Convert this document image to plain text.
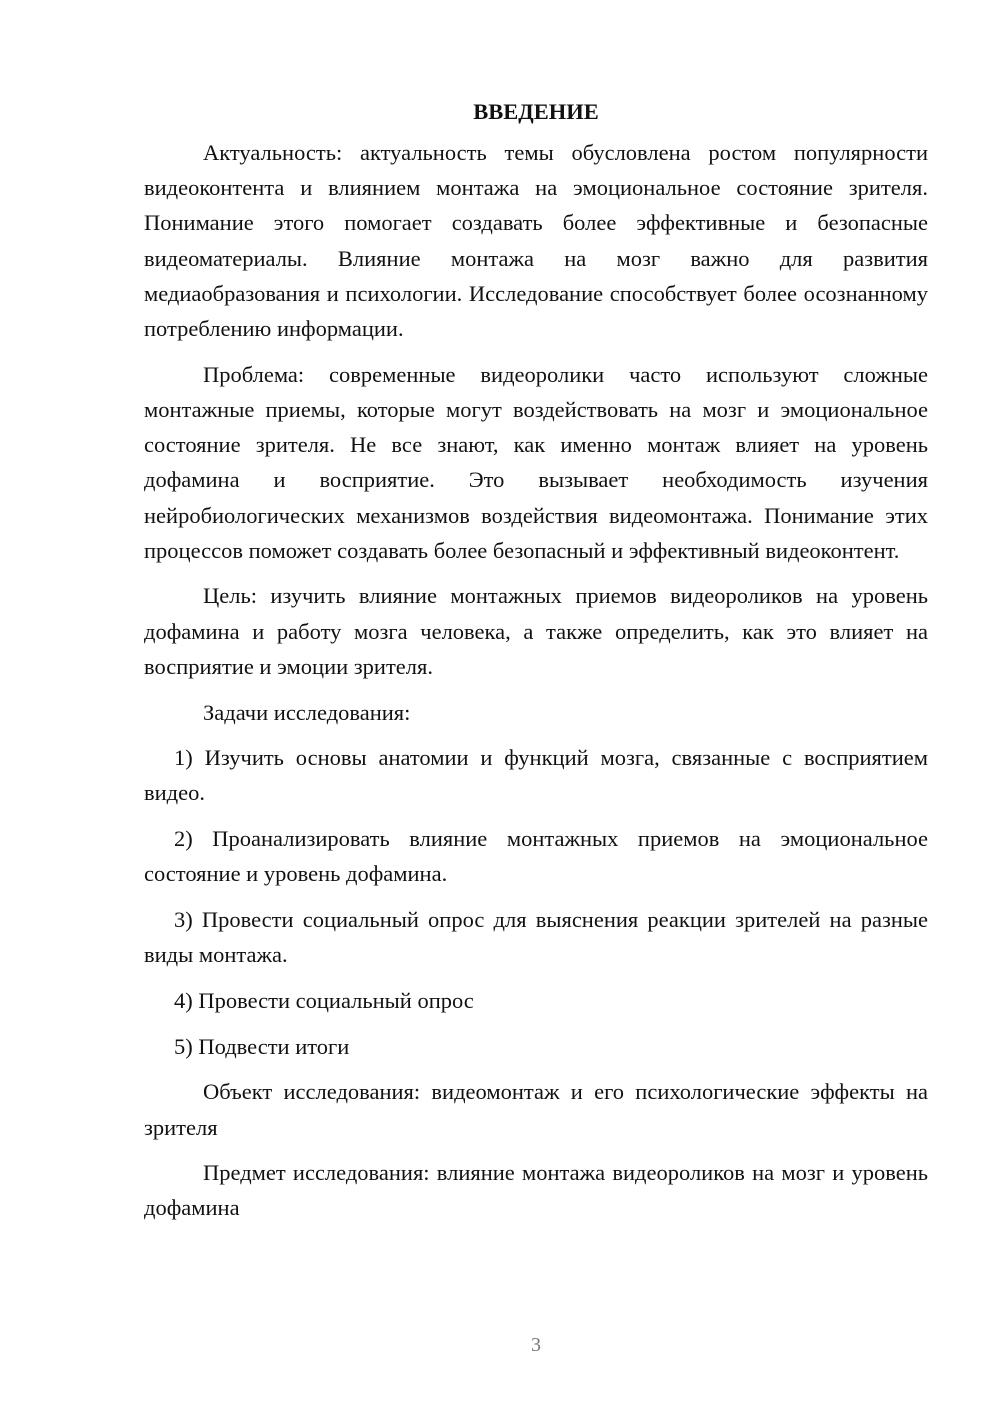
ВВЕДЕНИЕ

Актуальность: актуальность темы обусловлена ростом популярности видеоконтента и влиянием монтажа на эмоциональное состояние зрителя. Понимание этого помогает создавать более эффективные и безопасные видеоматериалы. Влияние монтажа на мозг важно для развития медиаобразования и психологии. Исследование способствует более осознанному потреблению информации.

Проблема: современные видеоролики часто используют сложные монтажные приемы, которые могут воздействовать на мозг и эмоциональное состояние зрителя. Не все знают, как именно монтаж влияет на уровень дофамина и восприятие. Это вызывает необходимость изучения нейробиологических механизмов воздействия видеомонтажа. Понимание этих процессов поможет создавать более безопасный и эффективный видеоконтент.

Цель: изучить влияние монтажных приемов видеороликов на уровень дофамина и работу мозга человека, а также определить, как это влияет на восприятие и эмоции зрителя.

Задачи исследования:

1) Изучить основы анатомии и функций мозга, связанные с восприятием видео.

2) Проанализировать влияние монтажных приемов на эмоциональное состояние и уровень дофамина.

3) Провести социальный опрос для выяснения реакции зрителей на разные виды монтажа.

4) Провести социальный опрос

5) Подвести итоги

Объект исследования: видеомонтаж и его психологические эффекты на зрителя

Предмет исследования: влияние монтажа видеороликов на мозг и уровень дофамина

3
